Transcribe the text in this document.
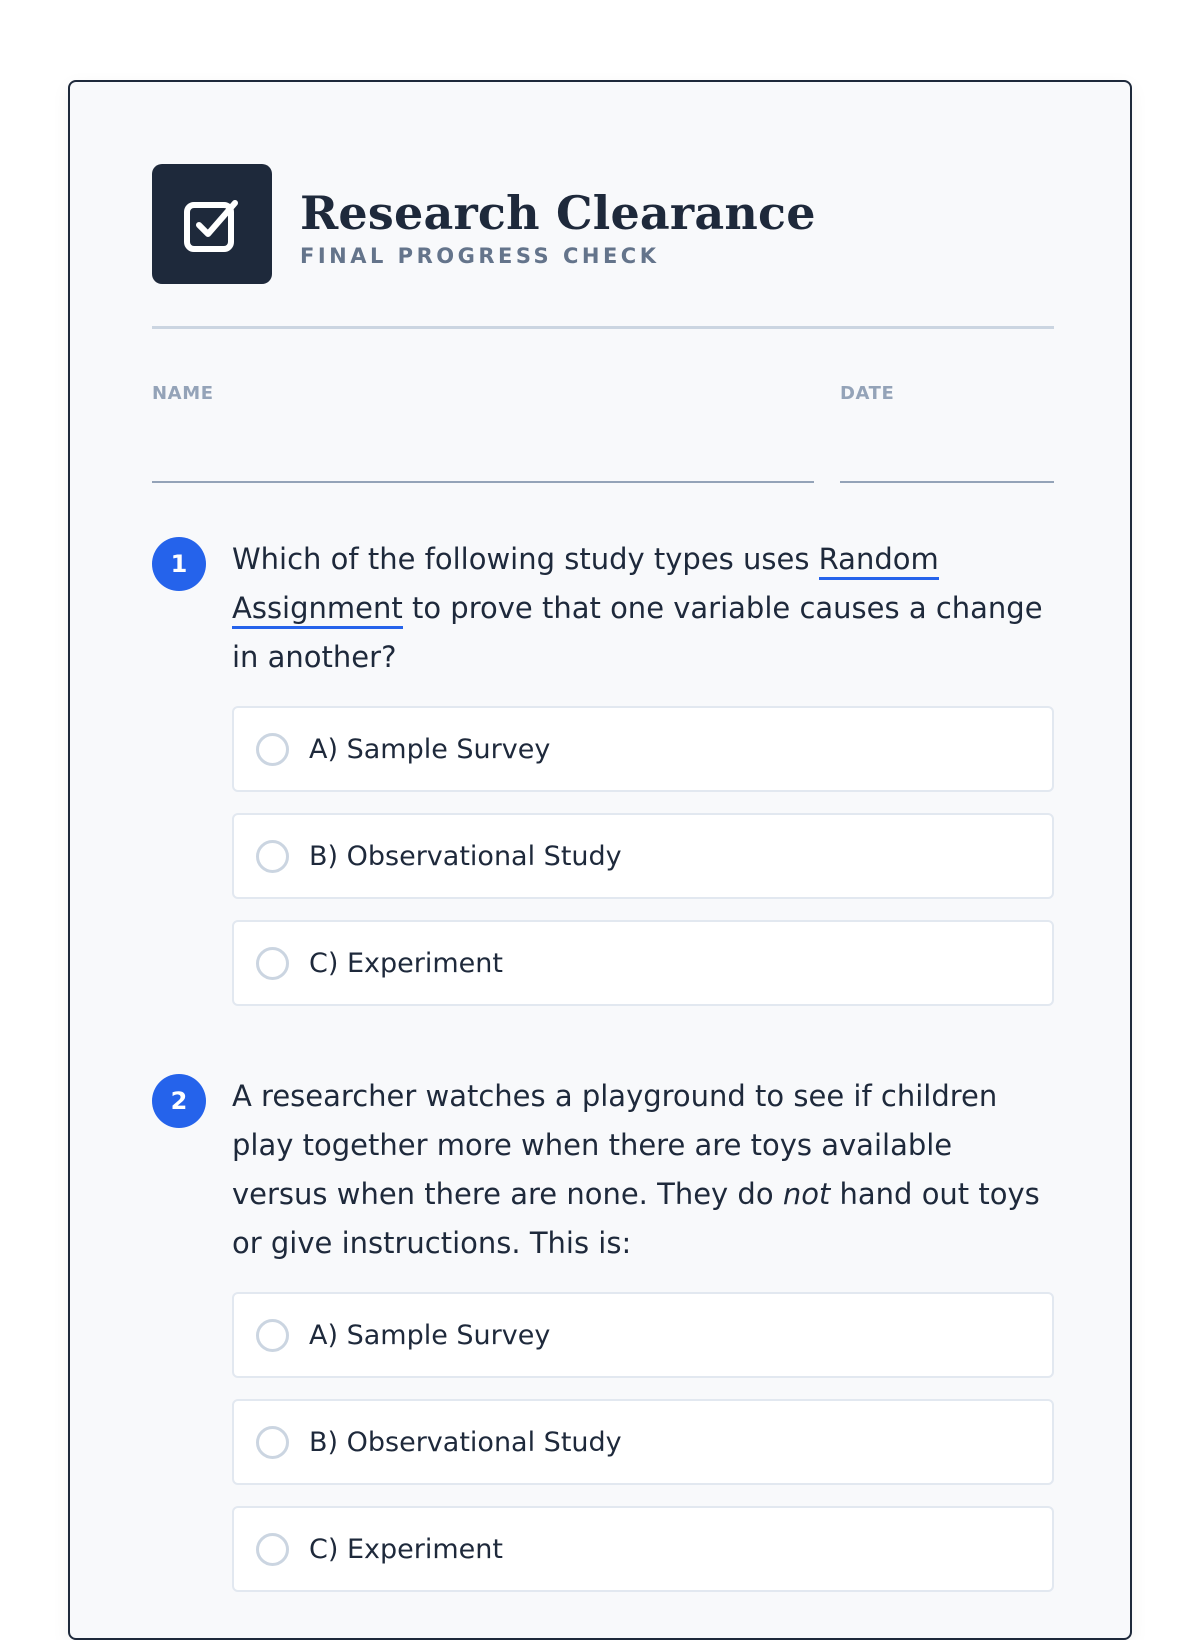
Research Clearance
FINAL PROGRESS CHECK
NAME	DATE
1	Which of the following study types uses Random Assignment to prove that one variable causes a change in another?
A) Sample Survey
B) Observational Study
C) Experiment
2	A researcher watches a playground to see if children play together more when there are toys available versus when there are none. They do not hand out toys or give instructions. This is:
A) Sample Survey
B) Observational Study
C) Experiment
